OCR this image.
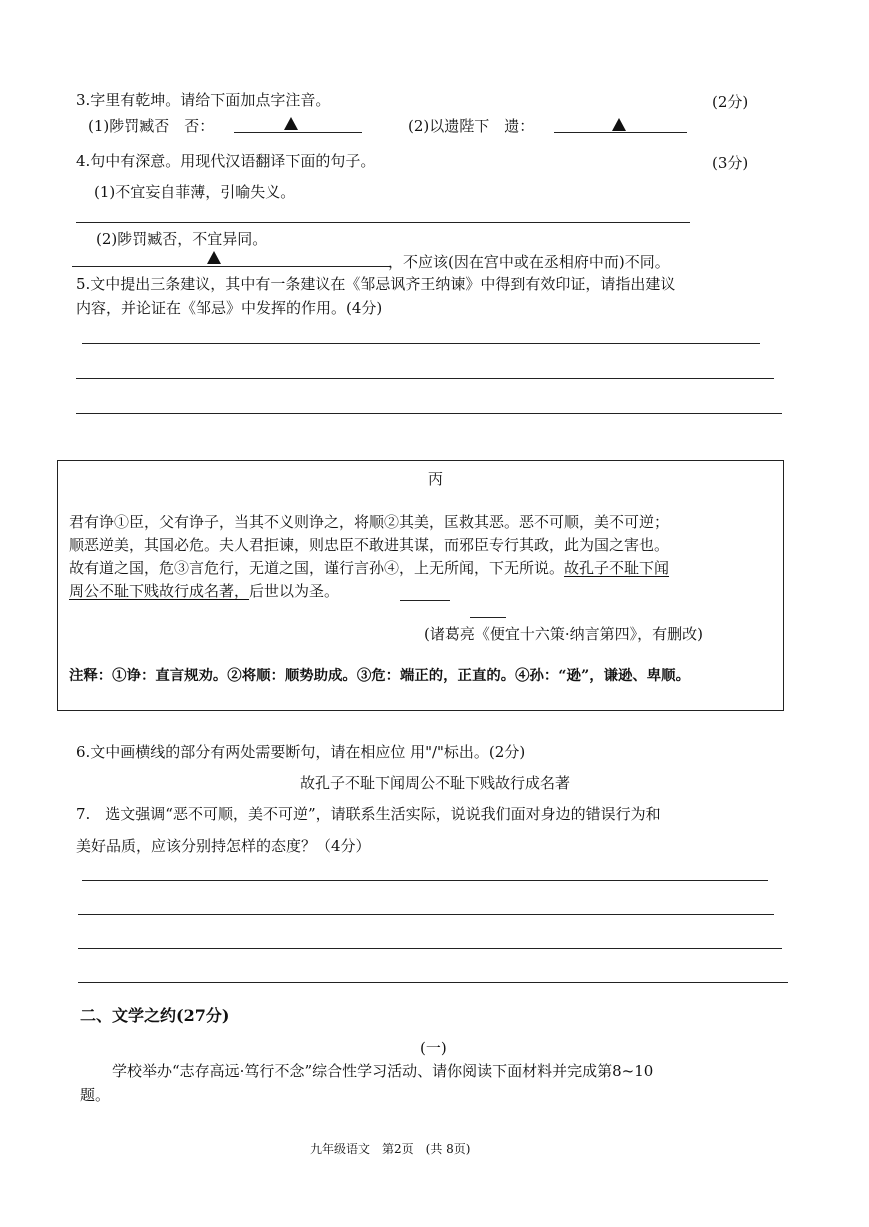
3.字里有乾坤。请给下面加点字注音。	(2分)
(1)陟罚臧否　否：	(2)以遗陛下　遗：
4.句中有深意。用现代汉语翻译下面的句子。	(3分)
(1)不宜妄自菲薄，引喻失义。
(2)陟罚臧否，不宜异同。
，不应该(因在宫中或在丞相府中而)不同。
5.文中提出三条建议，其中有一条建议在《邹忌讽齐王纳谏》中得到有效印证，请指出建议
内容，并论证在《邹忌》中发挥的作用。(4分)
丙
君有诤①臣，父有诤子，当其不义则诤之，将顺②其美，匡救其恶。恶不可顺，美不可逆；
顺恶逆美，其国必危。夫人君拒谏，则忠臣不敢进其谋，而邪臣专行其政，此为国之害也。
故有道之国，危③言危行，无道之国，谨行言孙④，上无所闻，下无所说。故孔子不耻下闻
周公不耻下贱故行成名著，后世以为圣。
(诸葛亮《便宜十六策·纳言第四》，有删改)
注释：①诤：直言规劝。②将顺：顺势助成。③危：端正的，正直的。④孙：“逊”，谦逊、卑顺。
6.文中画横线的部分有两处需要断句，请在相应位 用"/"标出。(2分)
故孔子不耻下闻周公不耻下贱故行成名著
7.　选文强调“恶不可顺，美不可逆”，请联系生活实际，说说我们面对身边的错误行为和
美好品质，应该分别持怎样的态度？（4分）
二、文学之约(27分)
(一)
学校举办“志存高远·笃行不念”综合性学习活动、请你阅读下面材料并完成第8~10
题。
九年级语文　第2页　(共 8页)
